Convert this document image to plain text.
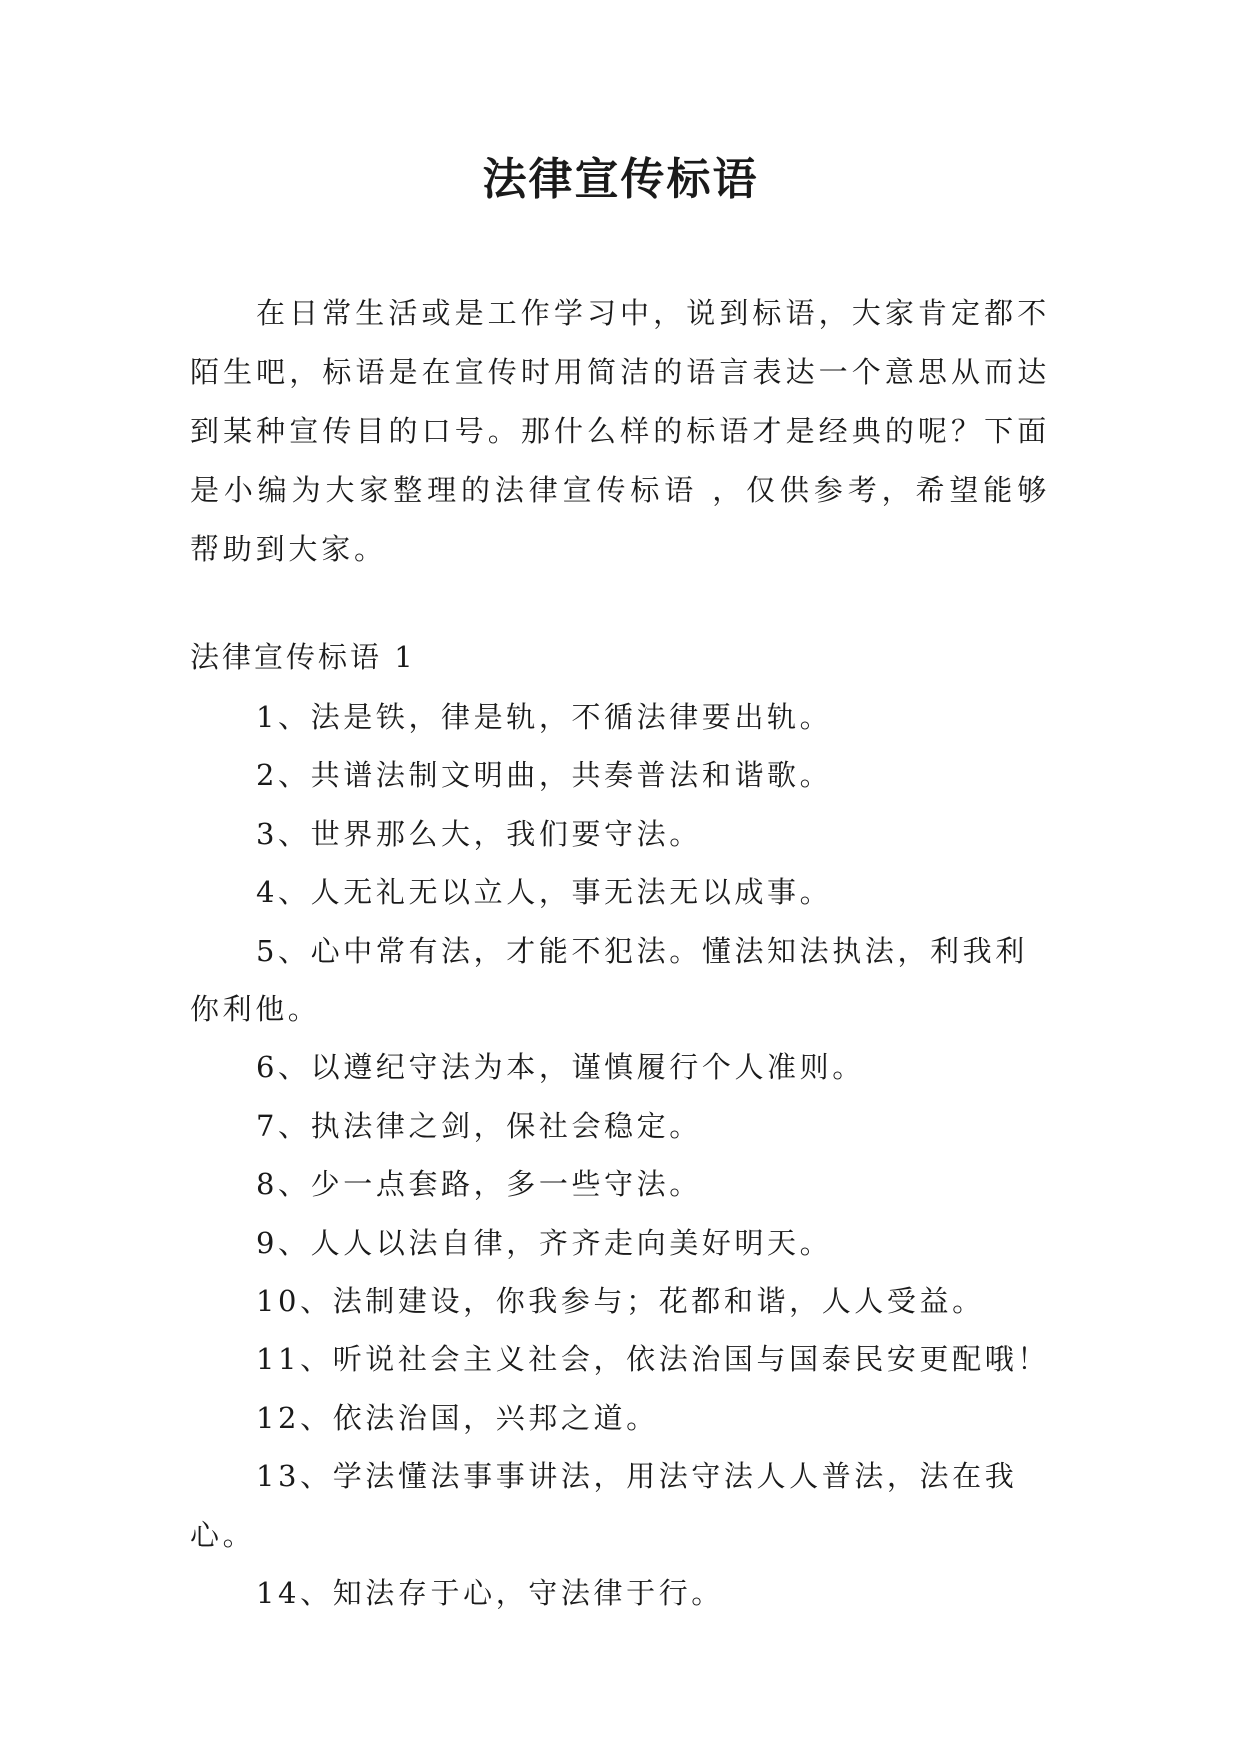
法律宣传标语

在日常生活或是工作学习中，说到标语，大家肯定都不陌生吧，标语是在宣传时用简洁的语言表达一个意思从而达到某种宣传目的口号。那什么样的标语才是经典的呢？下面是小编为大家整理的法律宣传标语 ，仅供参考，希望能够帮助到大家。

法律宣传标语 1

1、法是铁，律是轨，不循法律要出轨。
2、共谱法制文明曲，共奏普法和谐歌。
3、世界那么大，我们要守法。
4、人无礼无以立人，事无法无以成事。
5、心中常有法，才能不犯法。懂法知法执法，利我利你利他。
6、以遵纪守法为本，谨慎履行个人准则。
7、执法律之剑，保社会稳定。
8、少一点套路，多一些守法。
9、人人以法自律，齐齐走向美好明天。
10、法制建设，你我参与；花都和谐，人人受益。
11、听说社会主义社会，依法治国与国泰民安更配哦！
12、依法治国，兴邦之道。
13、学法懂法事事讲法，用法守法人人普法，法在我心。
14、知法存于心，守法律于行。
